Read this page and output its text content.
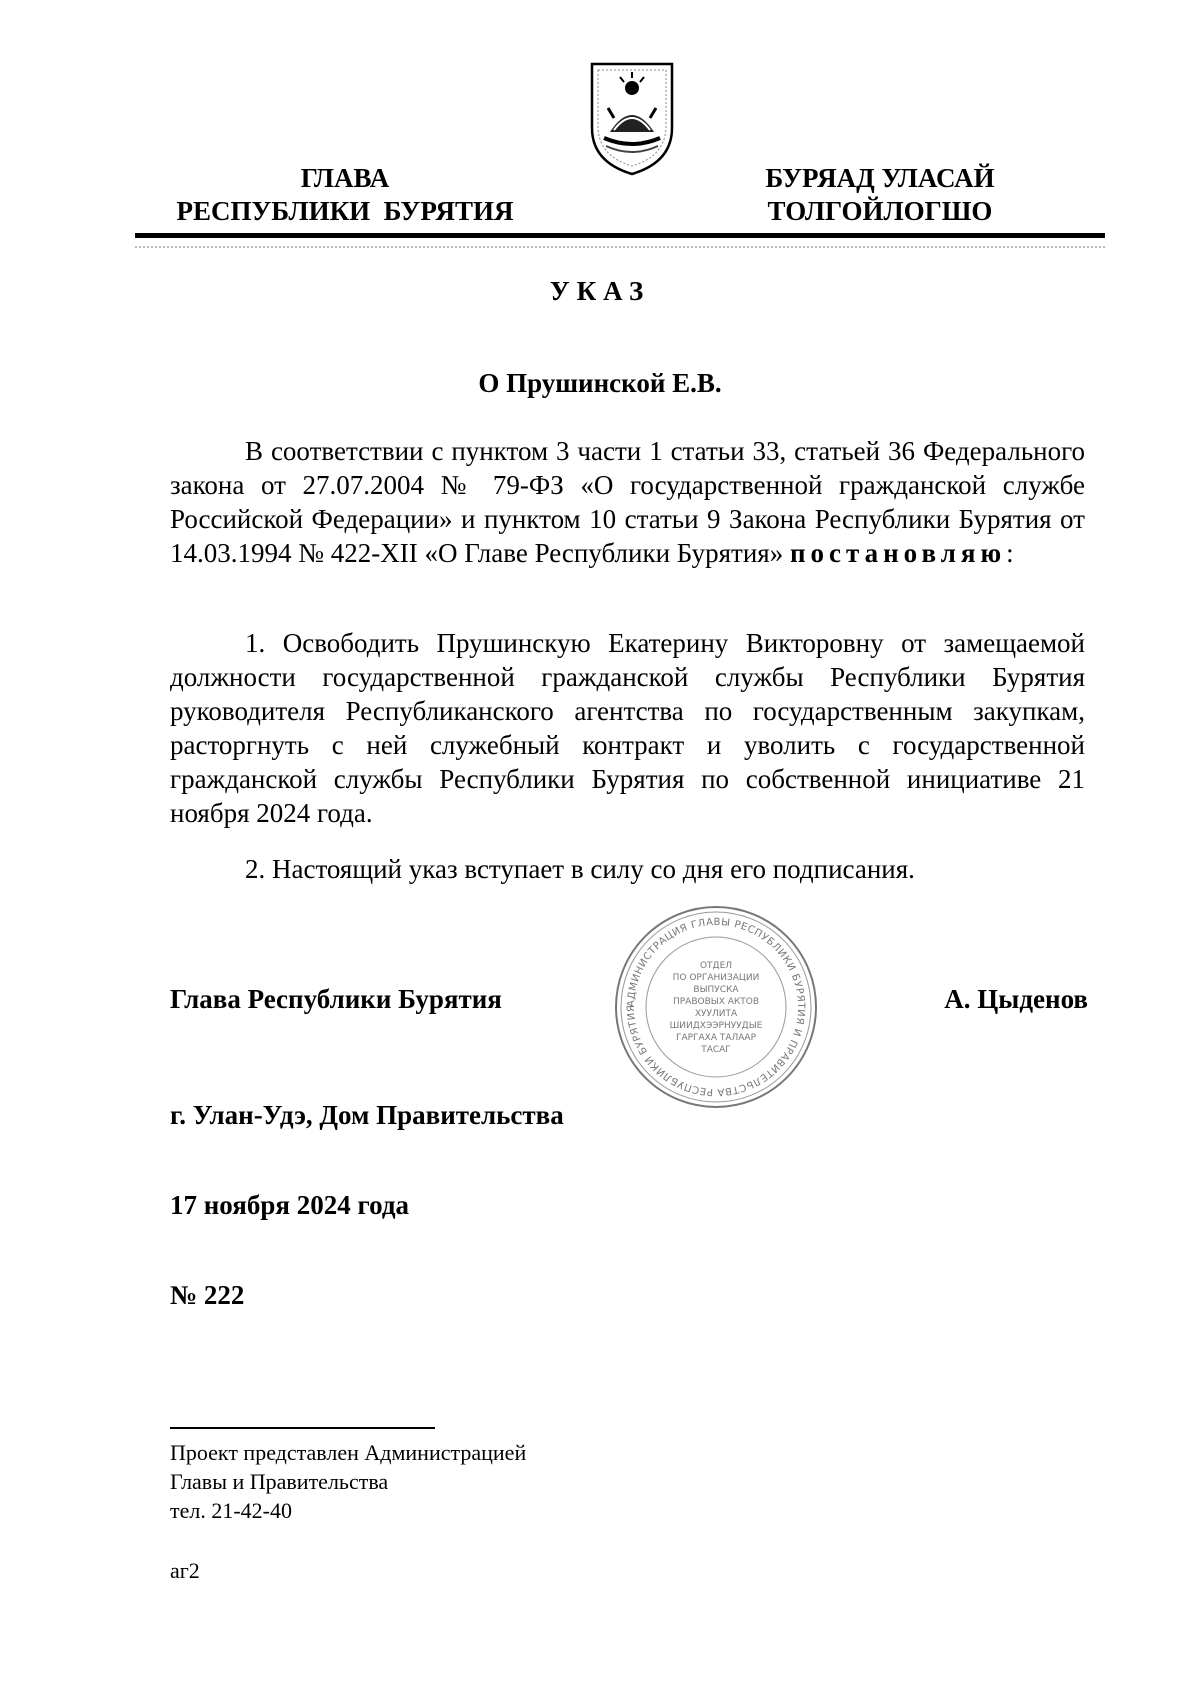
ГЛАВА
РЕСПУБЛИКИ  БУРЯТИЯ
БУРЯАД УЛАСАЙ
ТОЛГОЙЛОГШО
УКАЗ
О Прушинской Е.В.
В соответствии с пунктом 3 части 1 статьи 33, статьей 36 Федерального закона от 27.07.2004 № 79-ФЗ «О государственной гражданской службе Российской Федерации» и пунктом 10 статьи 9 Закона Республики Бурятия от 14.03.1994 № 422-XII «О Главе Республики Бурятия» постановляю:
1. Освободить Прушинскую Екатерину Викторовну от замещаемой должности государственной гражданской службы Республики Бурятия руководителя Республиканского агентства по государственным закупкам, расторгнуть с ней служебный контракт и уволить с государственной гражданской службы Республики Бурятия по собственной инициативе 21 ноября 2024 года.
2. Настоящий указ вступает в силу со дня его подписания.
Глава Республики Бурятия	А. Цыденов
АДМИНИСТРАЦИЯ ГЛАВЫ РЕСПУБЛИКИ БУРЯТИЯ И ПРАВИТЕЛЬСТВА РЕСПУБЛИКИ БУРЯТИЯ
ОТДЕЛ
ПО ОРГАНИЗАЦИИ
ВЫПУСКА
ПРАВОВЫХ АКТОВ
ХУУЛИТА
ШИИДХЭЭРНУУДЫЕ
ГАРГАХА ТАЛААР
ТАСАГ
г. Улан-Удэ, Дом Правительства
17 ноября 2024 года
№ 222
Проект представлен Администрацией
Главы и Правительства
тел. 21-42-40
аг2
